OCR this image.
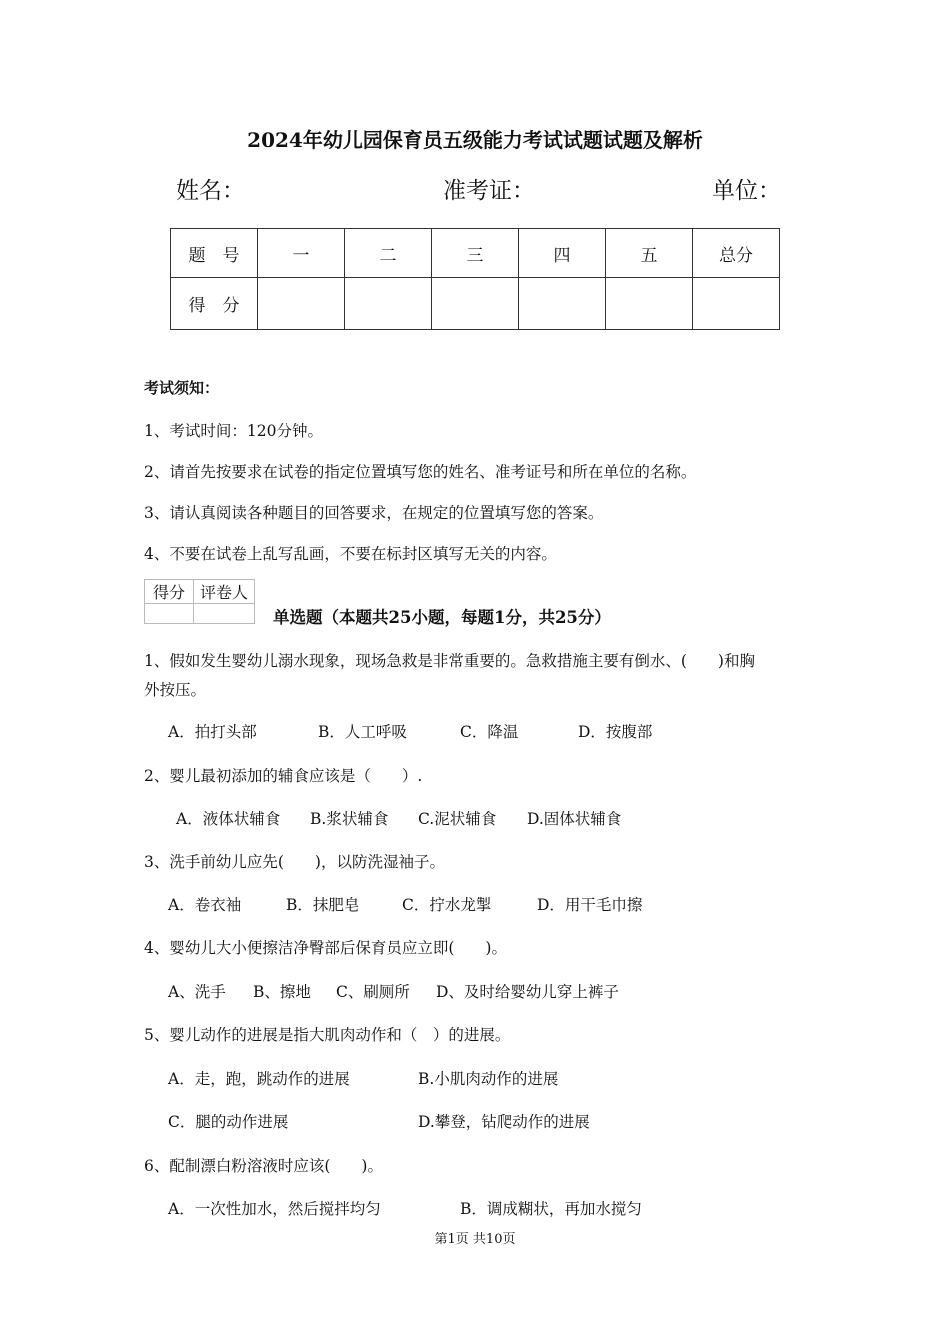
2024年幼儿园保育员五级能力考试试题试题及解析
姓名：	准考证：	单位：
题　号	一	二	三	四	五	总分
得　分						
考试须知：
1、考试时间：120分钟。
2、请首先按要求在试卷的指定位置填写您的姓名、准考证号和所在单位的名称。
3、请认真阅读各种题目的回答要求，在规定的位置填写您的答案。
4、不要在试卷上乱写乱画，不要在标封区填写无关的内容。
得分	评卷人

单选题（本题共25小题，每题1分，共25分）
1、假如发生婴幼儿溺水现象，现场急救是非常重要的。急救措施主要有倒水、(　　)和胸
外按压。
A．拍打头部	B．人工呼吸	C．降温	D．按腹部
2、婴儿最初添加的辅食应该是（　　）.
A．液体状辅食 B.浆状辅食 C.泥状辅食 D.固体状辅食
3、洗手前幼儿应先(　　)，以防洗湿袖子。
A．卷衣袖	B．抹肥皂	C．拧水龙掣	D．用干毛巾擦
4、婴幼儿大小便擦洁净臀部后保育员应立即(　　)。
A、洗手 B、擦地 C、刷厕所 D、及时给婴幼儿穿上裤子
5、婴儿动作的进展是指大肌肉动作和（　）的进展。
A．走，跑，跳动作的进展	B.小肌肉动作的进展
C．腿的动作进展	D.攀登，钻爬动作的进展
6、配制漂白粉溶液时应该(　　)。
A．一次性加水，然后搅拌均匀	B．调成糊状，再加水搅匀
第1页 共10页
